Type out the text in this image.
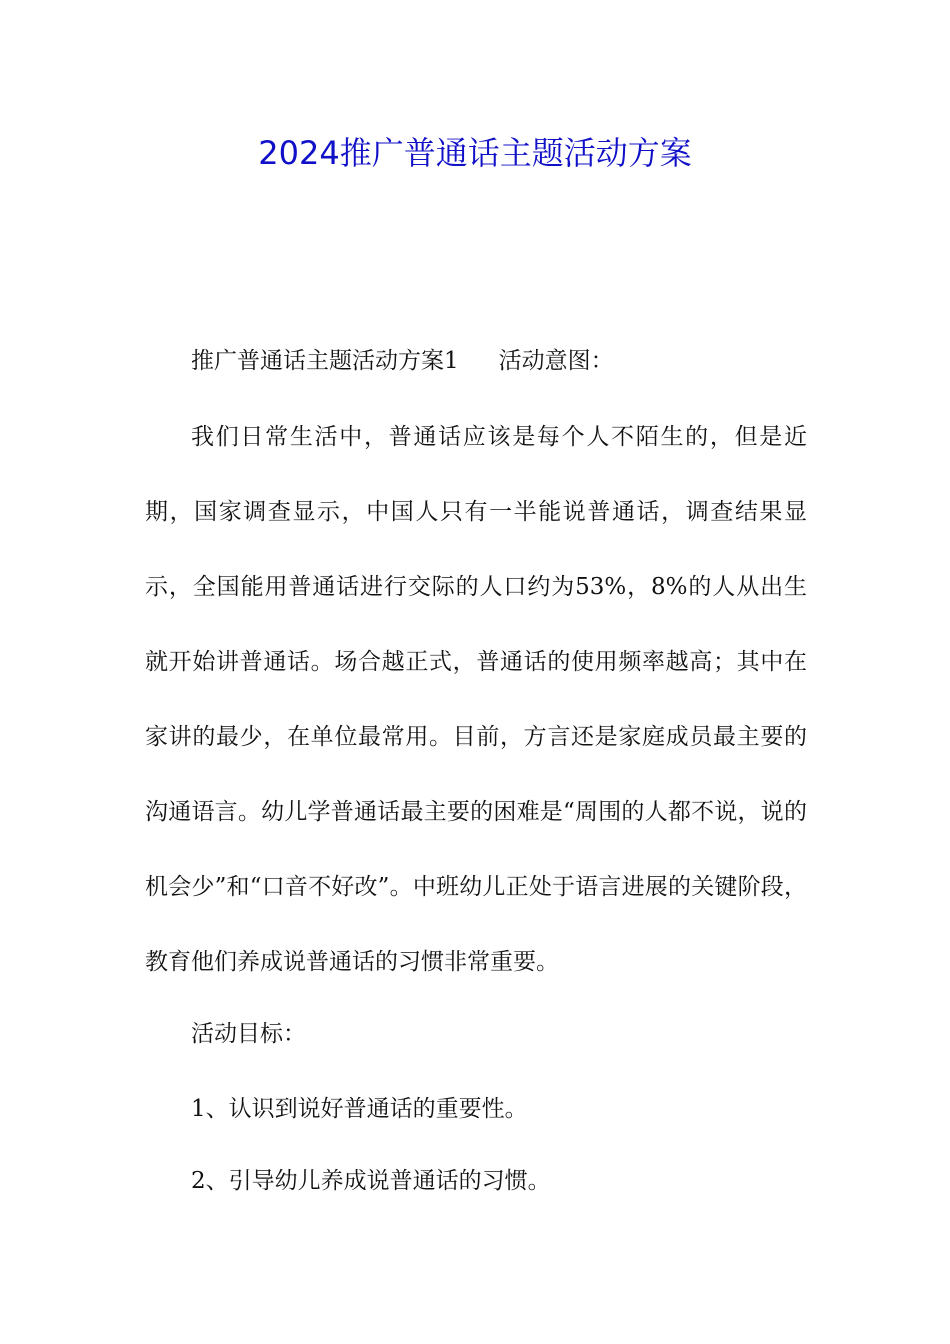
2024推广普通话主题活动方案

推广普通话主题活动方案1 活动意图：

我们日常生活中，普通话应该是每个人不陌生的，但是近期，国家调查显示，中国人只有一半能说普通话，调查结果显示，全国能用普通话进行交际的人口约为53%，8%的人从出生就开始讲普通话。场合越正式，普通话的使用频率越高；其中在家讲的最少，在单位最常用。目前，方言还是家庭成员最主要的沟通语言。幼儿学普通话最主要的困难是“周围的人都不说，说的机会少”和“口音不好改”。中班幼儿正处于语言进展的关键阶段，教育他们养成说普通话的习惯非常重要。

活动目标：

1、认识到说好普通话的重要性。

2、引导幼儿养成说普通话的习惯。
